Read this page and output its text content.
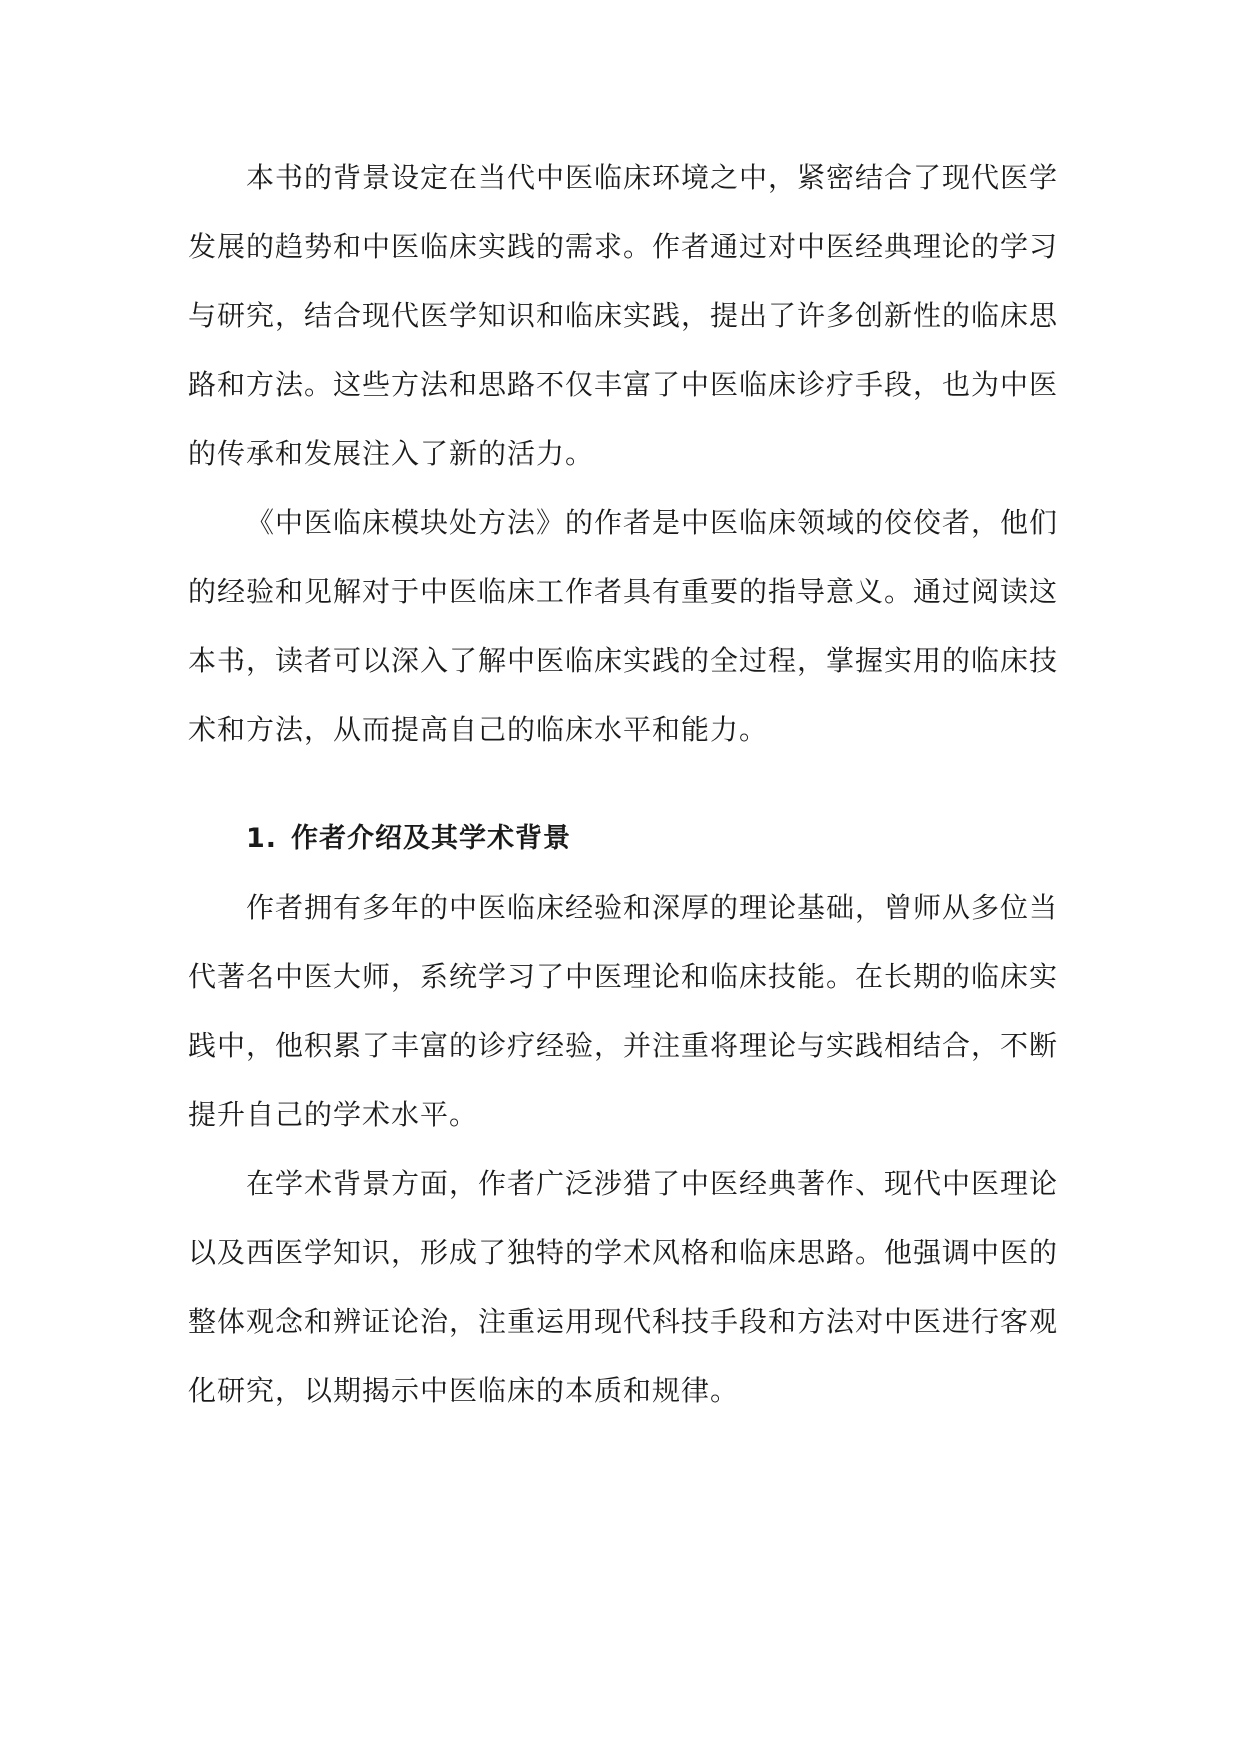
本书的背景设定在当代中医临床环境之中，紧密结合了现代医学发展的趋势和中医临床实践的需求。作者通过对中医经典理论的学习与研究，结合现代医学知识和临床实践，提出了许多创新性的临床思路和方法。这些方法和思路不仅丰富了中医临床诊疗手段，也为中医的传承和发展注入了新的活力。

《中医临床模块处方法》的作者是中医临床领域的佼佼者，他们的经验和见解对于中医临床工作者具有重要的指导意义。通过阅读这本书，读者可以深入了解中医临床实践的全过程，掌握实用的临床技术和方法，从而提高自己的临床水平和能力。

1. 作者介绍及其学术背景

作者拥有多年的中医临床经验和深厚的理论基础，曾师从多位当代著名中医大师，系统学习了中医理论和临床技能。在长期的临床实践中，他积累了丰富的诊疗经验，并注重将理论与实践相结合，不断提升自己的学术水平。

在学术背景方面，作者广泛涉猎了中医经典著作、现代中医理论以及西医学知识，形成了独特的学术风格和临床思路。他强调中医的整体观念和辨证论治，注重运用现代科技手段和方法对中医进行客观化研究，以期揭示中医临床的本质和规律。
